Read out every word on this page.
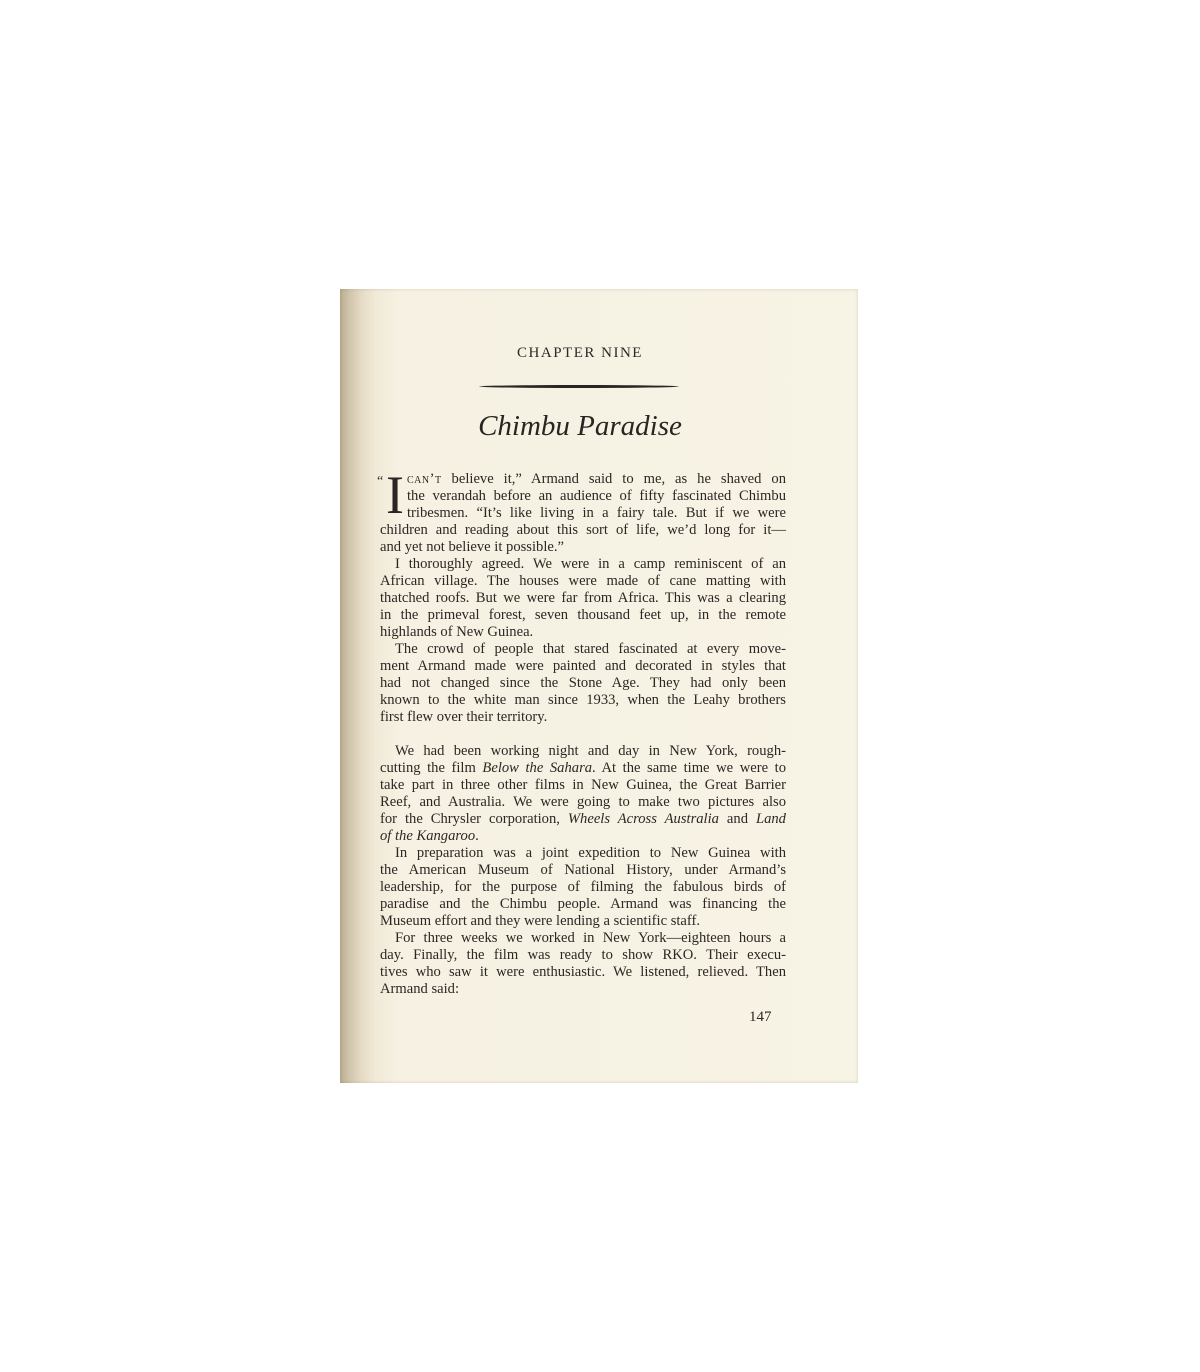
CHAPTER NINE
Chimbu Paradise
“ I can’t believe it,” Armand said to me, as he shaved on
the verandah before an audience of fifty fascinated Chimbu
tribesmen. “It’s like living in a fairy tale. But if we were
children and reading about this sort of life, we’d long for it—
and yet not believe it possible.”
I thoroughly agreed. We were in a camp reminiscent of an
African village. The houses were made of cane matting with
thatched roofs. But we were far from Africa. This was a clearing
in the primeval forest, seven thousand feet up, in the remote
highlands of New Guinea.
The crowd of people that stared fascinated at every move-
ment Armand made were painted and decorated in styles that
had not changed since the Stone Age. They had only been
known to the white man since 1933, when the Leahy brothers
first flew over their territory.
We had been working night and day in New York, rough-
cutting the film Below the Sahara. At the same time we were to
take part in three other films in New Guinea, the Great Barrier
Reef, and Australia. We were going to make two pictures also
for the Chrysler corporation, Wheels Across Australia and Land
of the Kangaroo.
In preparation was a joint expedition to New Guinea with
the American Museum of National History, under Armand’s
leadership, for the purpose of filming the fabulous birds of
paradise and the Chimbu people. Armand was financing the
Museum effort and they were lending a scientific staff.
For three weeks we worked in New York—eighteen hours a
day. Finally, the film was ready to show RKO. Their execu-
tives who saw it were enthusiastic. We listened, relieved. Then
Armand said:
147
